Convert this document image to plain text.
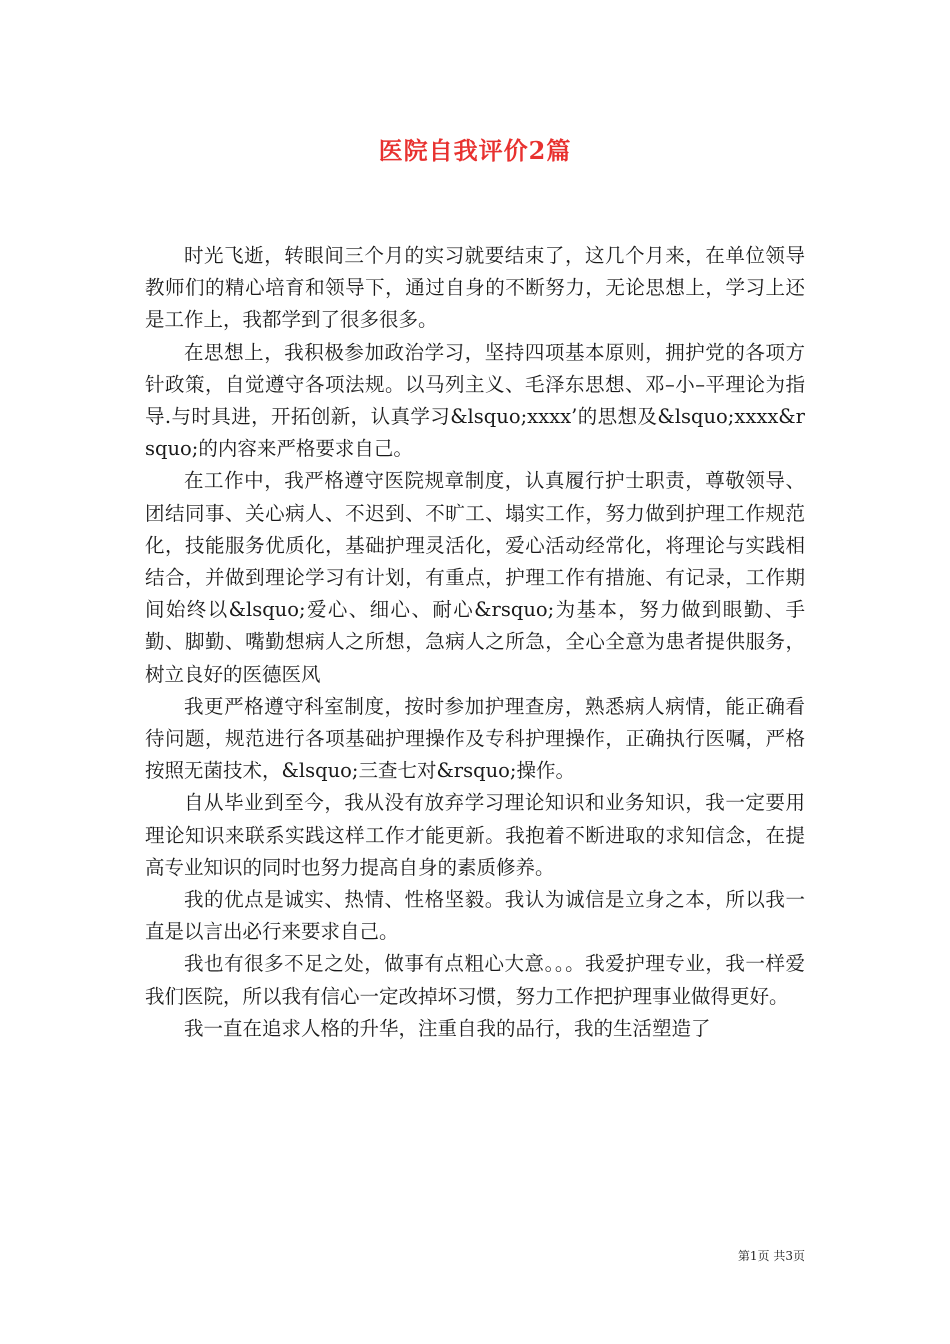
医院自我评价2篇

时光飞逝，转眼间三个月的实习就要结束了，这几个月来，在单位领导教师们的精心培育和领导下，通过自身的不断努力，无论思想上，学习上还是工作上，我都学到了很多很多。

在思想上，我积极参加政治学习，坚持四项基本原则，拥护党的各项方针政策，自觉遵守各项法规。以马列主义、毛泽东思想、邓–小–平理论为指导.与时具进，开拓创新，认真学习&lsquo;xxxx’的思想及&lsquo;xxxx&rsquo;的内容来严格要求自己。

在工作中，我严格遵守医院规章制度，认真履行护士职责，尊敬领导、团结同事、关心病人、不迟到、不旷工、塌实工作，努力做到护理工作规范化，技能服务优质化，基础护理灵活化，爱心活动经常化，将理论与实践相结合，并做到理论学习有计划，有重点，护理工作有措施、有记录，工作期间始终以&lsquo;爱心、细心、耐心&rsquo;为基本，努力做到眼勤、手勤、脚勤、嘴勤想病人之所想，急病人之所急，全心全意为患者提供服务，树立良好的医德医风

我更严格遵守科室制度，按时参加护理查房，熟悉病人病情，能正确看待问题，规范进行各项基础护理操作及专科护理操作，正确执行医嘱，严格按照无菌技术，&lsquo;三查七对&rsquo;操作。

自从毕业到至今，我从没有放弃学习理论知识和业务知识，我一定要用理论知识来联系实践这样工作才能更新。我抱着不断进取的求知信念，在提高专业知识的同时也努力提高自身的素质修养。

我的优点是诚实、热情、性格坚毅。我认为诚信是立身之本，所以我一直是以言出必行来要求自己。

我也有很多不足之处，做事有点粗心大意。。。我爱护理专业，我一样爱我们医院，所以我有信心一定改掉坏习惯，努力工作把护理事业做得更好。

我一直在追求人格的升华，注重自我的品行，我的生活塑造了

第1页 共3页
